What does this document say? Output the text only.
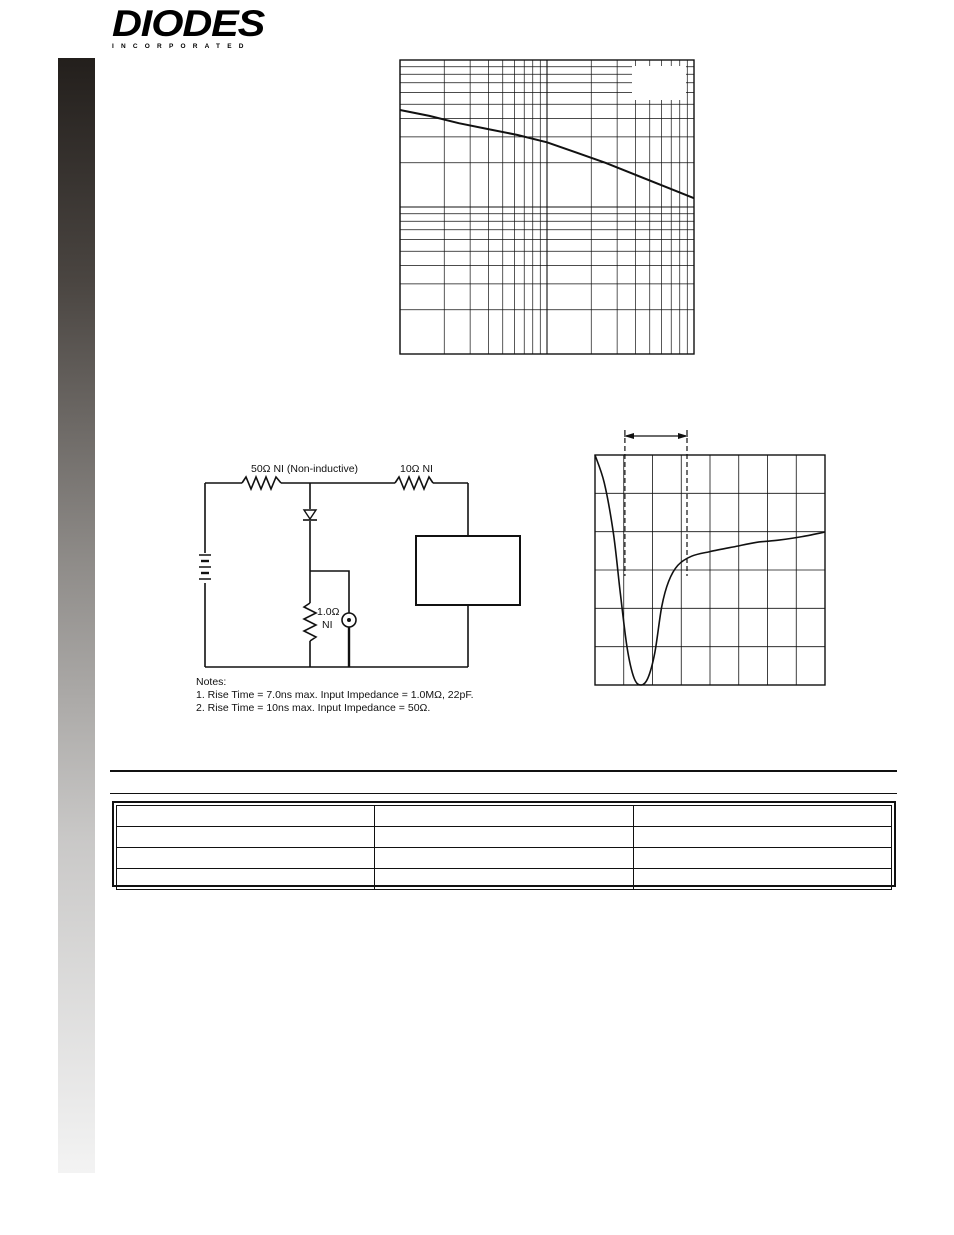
DIODES
INCORPORATED
50Ω NI (Non-inductive)	10Ω NI
1.0Ω
NI
Notes:
1. Rise Time = 7.0ns max. Input Impedance = 1.0MΩ, 22pF.
2. Rise Time = 10ns max. Input Impedance = 50Ω.
